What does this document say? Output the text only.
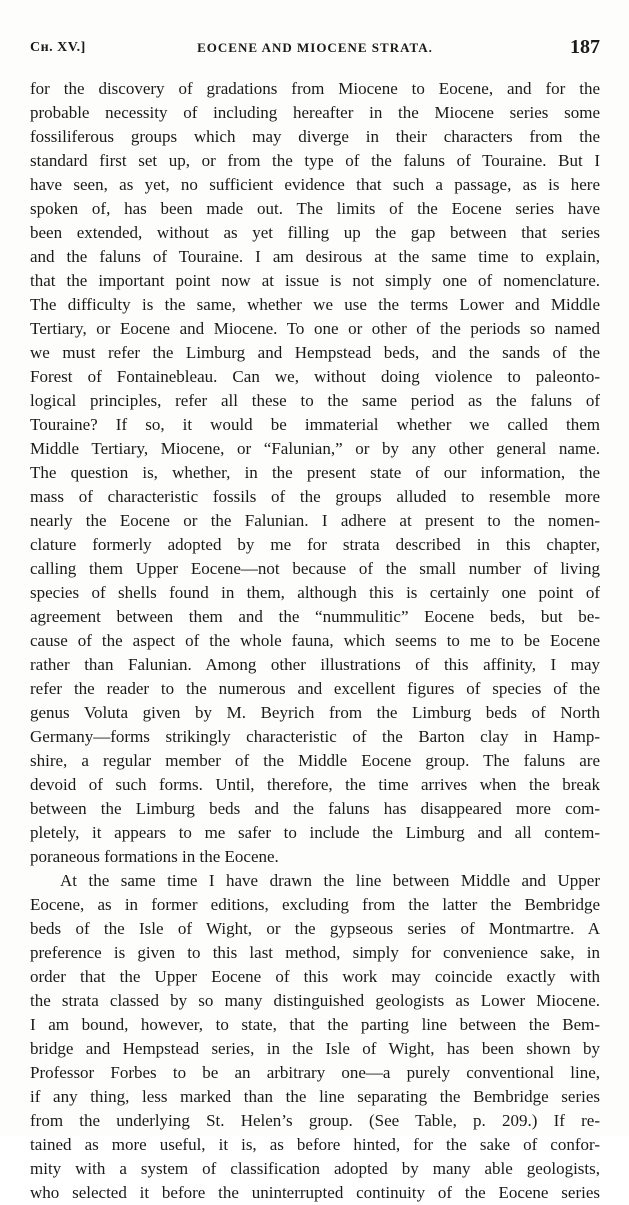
Cʜ. XV.]	EOCENE AND MIOCENE STRATA.	187
for the discovery of gradations from Miocene to Eocene, and for the
probable necessity of including hereafter in the Miocene series some
fossiliferous groups which may diverge in their characters from the
standard first set up, or from the type of the faluns of Touraine. But I
have seen, as yet, no sufficient evidence that such a passage, as is here
spoken of, has been made out. The limits of the Eocene series have
been extended, without as yet filling up the gap between that series
and the faluns of Touraine. I am desirous at the same time to explain,
that the important point now at issue is not simply one of nomenclature.
The difficulty is the same, whether we use the terms Lower and Middle
Tertiary, or Eocene and Miocene. To one or other of the periods so named
we must refer the Limburg and Hempstead beds, and the sands of the
Forest of Fontainebleau. Can we, without doing violence to paleonto-
logical principles, refer all these to the same period as the faluns of
Touraine? If so, it would be immaterial whether we called them
Middle Tertiary, Miocene, or “Falunian,” or by any other general name.
The question is, whether, in the present state of our information, the
mass of characteristic fossils of the groups alluded to resemble more
nearly the Eocene or the Falunian. I adhere at present to the nomen-
clature formerly adopted by me for strata described in this chapter,
calling them Upper Eocene—not because of the small number of living
species of shells found in them, although this is certainly one point of
agreement between them and the “nummulitic” Eocene beds, but be-
cause of the aspect of the whole fauna, which seems to me to be Eocene
rather than Falunian. Among other illustrations of this affinity, I may
refer the reader to the numerous and excellent figures of species of the
genus Voluta given by M. Beyrich from the Limburg beds of North
Germany—forms strikingly characteristic of the Barton clay in Hamp-
shire, a regular member of the Middle Eocene group. The faluns are
devoid of such forms. Until, therefore, the time arrives when the break
between the Limburg beds and the faluns has disappeared more com-
pletely, it appears to me safer to include the Limburg and all contem-
poraneous formations in the Eocene.
At the same time I have drawn the line between Middle and Upper
Eocene, as in former editions, excluding from the latter the Bembridge
beds of the Isle of Wight, or the gypseous series of Montmartre. A
preference is given to this last method, simply for convenience sake, in
order that the Upper Eocene of this work may coincide exactly with
the strata classed by so many distinguished geologists as Lower Miocene.
I am bound, however, to state, that the parting line between the Bem-
bridge and Hempstead series, in the Isle of Wight, has been shown by
Professor Forbes to be an arbitrary one—a purely conventional line,
if any thing, less marked than the line separating the Bembridge series
from the underlying St. Helen’s group. (See Table, p. 209.) If re-
tained as more useful, it is, as before hinted, for the sake of confor-
mity with a system of classification adopted by many able geologists,
who selected it before the uninterrupted continuity of the Eocene series
